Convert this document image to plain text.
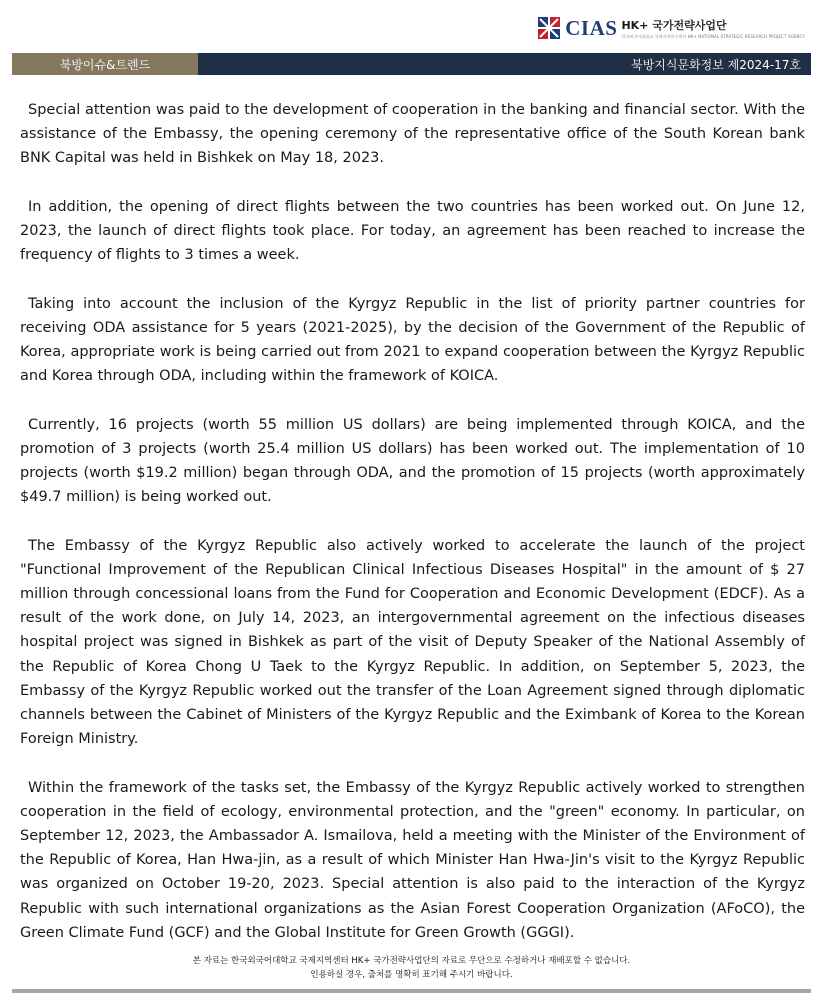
CIAS HK+ 국가전략사업단
한국외국어대학교 국제지역연구센터 HK+ NATIONAL STRATEGIC RESEARCH PROJECT AGENCY
북방이슈&트렌드	북방지식문화정보 제2024-17호

Special attention was paid to the development of cooperation in the banking and financial sector. With the assistance of the Embassy, the opening ceremony of the representative office of the South Korean bank BNK Capital was held in Bishkek on May 18, 2023.

In addition, the opening of direct flights between the two countries has been worked out. On June 12, 2023, the launch of direct flights took place. For today, an agreement has been reached to increase the frequency of flights to 3 times a week.

Taking into account the inclusion of the Kyrgyz Republic in the list of priority partner countries for receiving ODA assistance for 5 years (2021-2025), by the decision of the Government of the Republic of Korea, appropriate work is being carried out from 2021 to expand cooperation between the Kyrgyz Republic and Korea through ODA, including within the framework of KOICA.

Currently, 16 projects (worth 55 million US dollars) are being implemented through KOICA, and the promotion of 3 projects (worth 25.4 million US dollars) has been worked out. The implementation of 10 projects (worth $19.2 million) began through ODA, and the promotion of 15 projects (worth approximately $49.7 million) is being worked out.

The Embassy of the Kyrgyz Republic also actively worked to accelerate the launch of the project "Functional Improvement of the Republican Clinical Infectious Diseases Hospital" in the amount of $ 27 million through concessional loans from the Fund for Cooperation and Economic Development (EDCF). As a result of the work done, on July 14, 2023, an intergovernmental agreement on the infectious diseases hospital project was signed in Bishkek as part of the visit of Deputy Speaker of the National Assembly of the Republic of Korea Chong U Taek to the Kyrgyz Republic. In addition, on September 5, 2023, the Embassy of the Kyrgyz Republic worked out the transfer of the Loan Agreement signed through diplomatic channels between the Cabinet of Ministers of the Kyrgyz Republic and the Eximbank of Korea to the Korean Foreign Ministry.

Within the framework of the tasks set, the Embassy of the Kyrgyz Republic actively worked to strengthen cooperation in the field of ecology, environmental protection, and the "green" economy. In particular, on September 12, 2023, the Ambassador A. Ismailova, held a meeting with the Minister of the Environment of the Republic of Korea, Han Hwa-jin, as a result of which Minister Han Hwa-Jin's visit to the Kyrgyz Republic was organized on October 19-20, 2023. Special attention is also paid to the interaction of the Kyrgyz Republic with such international organizations as the Asian Forest Cooperation Organization (AFoCO), the Green Climate Fund (GCF) and the Global Institute for Green Growth (GGGI).

본 자료는 한국외국어대학교 국제지역센터 HK+ 국가전략사업단의 자료로 무단으로 수정하거나 재배포할 수 없습니다.
인용하실 경우, 출처를 명확히 표기해 주시기 바랍니다.
